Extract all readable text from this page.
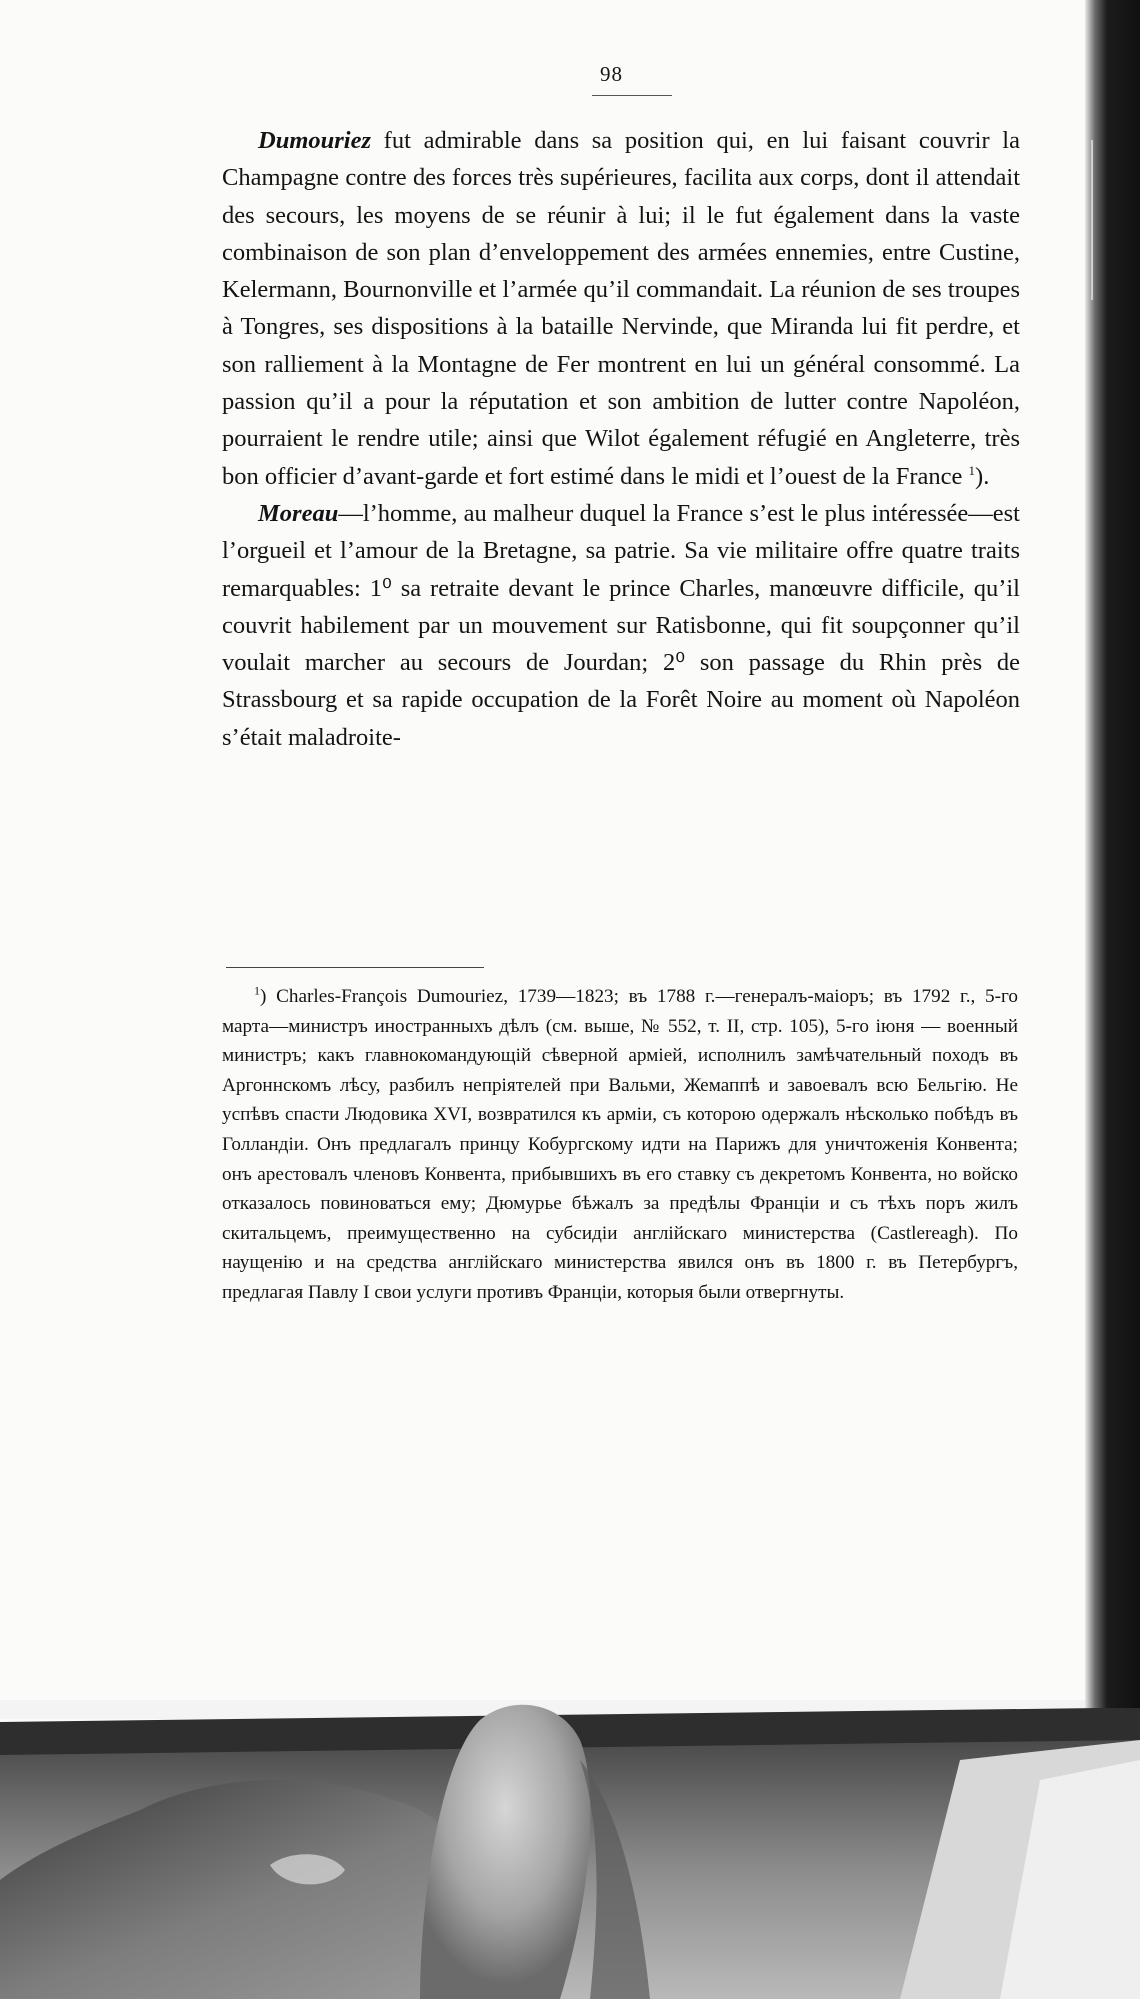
98

Dumouriez fut admirable dans sa position qui, en lui faisant couvrir la Champagne contre des forces très supérieures, facilita aux corps, dont il attendait des secours, les moyens de se réunir à lui; il le fut également dans la vaste combinaison de son plan d’enveloppement des armées ennemies, entre Custine, Kelermann, Bournonville et l’armée qu’il commandait. La réunion de ses troupes à Tongres, ses dispositions à la bataille Nervinde, que Miranda lui fit perdre, et son ralliement à la Montagne de Fer montrent en lui un général consommé. La passion qu’il a pour la réputation et son ambition de lutter contre Napoléon, pourraient le rendre utile; ainsi que Wilot également réfugié en Angleterre, très bon officier d’avant-garde et fort estimé dans le midi et l’ouest de la France $^1$).

Moreau—l’homme, au malheur duquel la France s’est le plus intéressée—est l’orgueil et l’amour de la Bretagne, sa patrie. Sa vie militaire offre quatre traits remarquables: 1⁰ sa retraite devant le prince Charles, manœuvre difficile, qu’il couvrit habilement par un mouvement sur Ratisbonne, qui fit soupçonner qu’il voulait marcher au secours de Jourdan; 2⁰ son passage du Rhin près de Strassbourg et sa rapide occupation de la Forêt Noire au moment où Napoléon s’était maladroite-

$^1$) Charles-François Dumouriez, 1739—1823; въ 1788 г.—генералъ-маіоръ; въ 1792 г., 5-го марта—министръ иностранныхъ дѣлъ (см. выше, № 552, т. II, стр. 105), 5-го іюня — военный министръ; какъ главнокомандующій сѣверной арміей, исполнилъ замѣчательный походъ въ Аргоннскомъ лѣсу, разбилъ непріятелей при Вальми, Жемаппѣ и завоевалъ всю Бельгію. Не успѣвъ спасти Людовика XVI, возвратился къ арміи, съ которою одержалъ нѣсколько побѣдъ въ Голландіи. Онъ предлагалъ принцу Кобургскому идти на Парижъ для уничтоженія Конвента; онъ арестовалъ членовъ Конвента, прибывшихъ въ его ставку съ декретомъ Конвента, но войско отказалось повиноваться ему; Дюмурье бѣжалъ за предѣлы Франціи и съ тѣхъ поръ жилъ скитальцемъ, преимущественно на субсидіи англійскаго министерства (Castlereagh). По наущенію и на средства англійскаго министерства явился онъ въ 1800 г. въ Петербургъ, предлагая Павлу I свои услуги противъ Франціи, которыя были отвергнуты.
